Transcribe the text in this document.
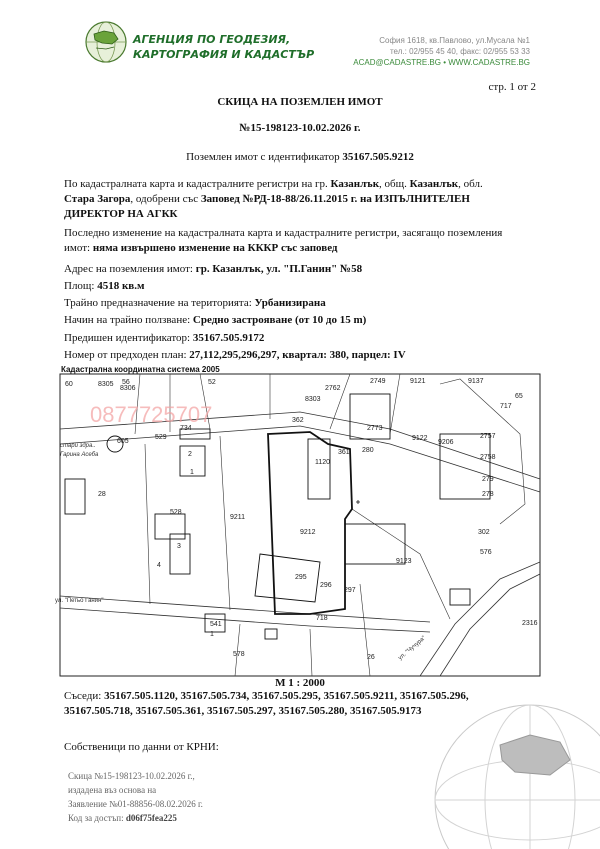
АГЕНЦИЯ ПО ГЕОДЕЗИЯ,
КАРТОГРАФИЯ И КАДАСТЪР
София 1618, кв.Павлово, ул.Мусала №1
тел.: 02/955 45 40, факс: 02/955 53 33
ACAD@CADASTRE.BG • WWW.CADASTRE.BG
стр. 1 от 2
СКИЦА НА ПОЗЕМЛЕН ИМОТ
№15-198123-10.02.2026 г.
Поземлен имот с идентификатор 35167.505.9212
По кадастралната карта и кадастралните регистри на гр. Казанлък, общ. Казанлък, обл.
Стара Загора, одобрени със Заповед №РД-18-88/26.11.2015 г. на ИЗПЪЛНИТЕЛЕН
ДИРЕКТОР НА АГКК
Последно изменение на кадастралната карта и кадастралните регистри, засягащо поземления
имот: няма извършено изменение на КККР със заповед
Адрес на поземления имот: гр. Казанлък, ул. "П.Ганин" №58
Площ: 4518 кв.м
Трайно предназначение на територията: Урбанизирана
Начин на трайно ползване: Средно застрояване (от 10 до 15 m)
Предишен идентификатор: 35167.505.9172
Номер от предходен план: 27,112,295,296,297, квартал: 380, парцел: IV
Кадастрална координатна система 2005
60	8305 56	52
2762
2749	9121	9137
65
8306
734
8303
717
529
605
362
2773
9206
2757
2758
9122
361
1120
280
279
278
28
528
9211
9212	302
2
1
3
4
9123
576
295
296
297
541
718
2316
578	26
1
0877725707
ул. "Петьо Ганин"
ул. "Чучура"
стари здра..
Гарина Асеба
М 1 : 2000
Съседи: 35167.505.1120, 35167.505.734, 35167.505.295, 35167.505.9211, 35167.505.296,
35167.505.718, 35167.505.361, 35167.505.297, 35167.505.280, 35167.505.9173
Собственици по данни от КРНИ:
Скица №15-198123-10.02.2026 г.,
издадена въз основа на
Заявление №01-88856-08.02.2026 г.
Код за достъп: d06f75fea225
